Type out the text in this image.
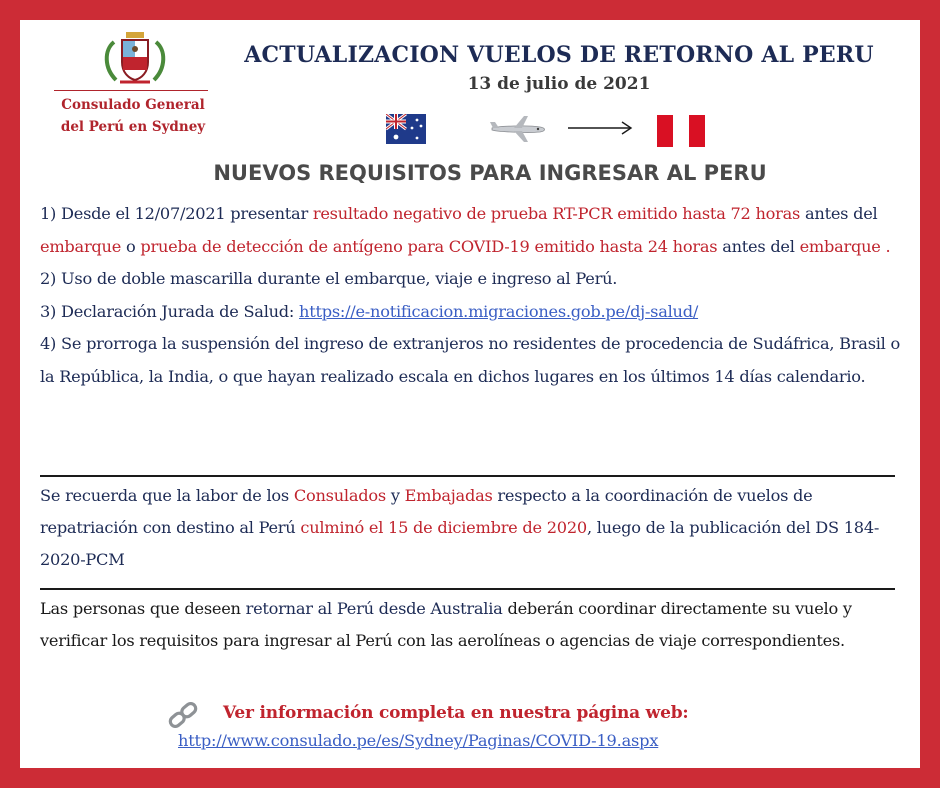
Consulado General
del Perú en Sydney
ACTUALIZACION VUELOS DE RETORNO AL PERU
13 de julio de 2021
NUEVOS REQUISITOS PARA INGRESAR AL PERU

1) Desde el 12/07/2021 presentar resultado negativo de prueba RT-PCR emitido hasta 72 horas antes del embarque o prueba de detección de antígeno para COVID-19 emitido hasta 24 horas antes del embarque .

2) Uso de doble mascarilla durante el embarque, viaje e ingreso al Perú.

3) Declaración Jurada de Salud: https://e-notificacion.migraciones.gob.pe/dj-salud/

4) Se prorroga la suspensión del ingreso de extranjeros no residentes de procedencia de Sudáfrica, Brasil o la República, la India, o que hayan realizado escala en dichos lugares en los últimos 14 días calendario.

Se recuerda que la labor de los Consulados y Embajadas respecto a la coordinación de vuelos de repatriación con destino al Perú culminó el 15 de diciembre de 2020, luego de la publicación del DS 184-2020-PCM

Las personas que deseen retornar al Perú desde Australia deberán coordinar directamente su vuelo y verificar los requisitos para ingresar al Perú con las aerolíneas o agencias de viaje correspondientes.

Ver información completa en nuestra página web:
http://www.consulado.pe/es/Sydney/Paginas/COVID-19.aspx
